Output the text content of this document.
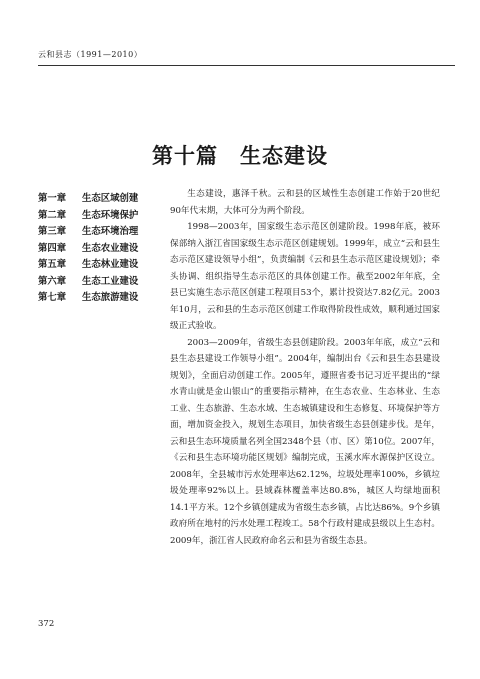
云和县志（1991—2010）
第十篇 生态建设
第一章 生态区域创建
第二章 生态环境保护
第三章 生态环境治理
第四章 生态农业建设
第五章 生态林业建设
第六章 生态工业建设
第七章 生态旅游建设

生态建设，惠泽千秋。云和县的区域性生态创建工作始于20世纪90年代末期，大体可分为两个阶段。

1998—2003年，国家级生态示范区创建阶段。1998年底，被环保部纳入浙江省国家级生态示范区创建规划。1999年，成立“云和县生态示范区建设领导小组”，负责编制《云和县生态示范区建设规划》；牵头协调、组织指导生态示范区的具体创建工作。截至2002年年底，全县已实施生态示范区创建工程项目53个，累计投资达7.82亿元。2003年10月，云和县的生态示范区创建工作取得阶段性成效，顺利通过国家级正式验收。

2003—2009年，省级生态县创建阶段。2003年年底，成立“云和县生态县建设工作领导小组”。2004年，编制出台《云和县生态县建设规划》，全面启动创建工作。2005年，遵照省委书记习近平提出的“绿水青山就是金山银山”的重要指示精神，在生态农业、生态林业、生态工业、生态旅游、生态水域、生态城镇建设和生态修复、环境保护等方面，增加资金投入，规划生态项目，加快省级生态县创建步伐。是年，云和县生态环境质量名列全国2348个县（市、区）第10位。2007年，《云和县生态环境功能区规划》编制完成，玉溪水库水源保护区设立。2008年，全县城市污水处理率达62.12%，垃圾处理率100%，乡镇垃圾处理率92%以上。县域森林覆盖率达80.8%，城区人均绿地面积14.1平方米。12个乡镇创建成为省级生态乡镇，占比达86%。9个乡镇政府所在地村的污水处理工程竣工。58个行政村建成县级以上生态村。2009年，浙江省人民政府命名云和县为省级生态县。

372
